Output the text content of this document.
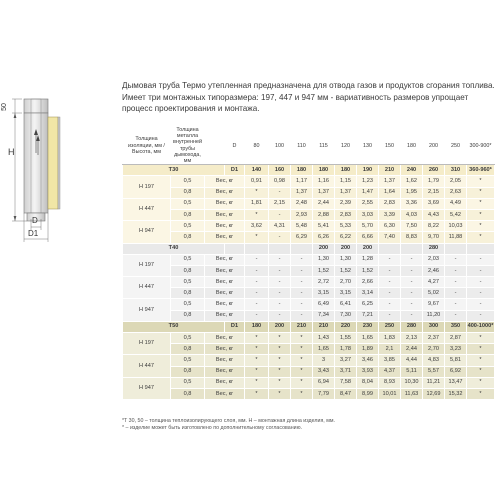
50
H
D
D1
Дымовая труба Термо утепленная предназначена для отвода газов и продуктов сгорания топлива. Имеет три монтажных типоразмера: 197, 447 и 947 мм - вариативность размеров упрощает процесс проектирования и монтажа.
Толщина изоляции, мм / Высота, мм	Толщина металла внутренней трубы дымохода, мм		D	80	100	110	115	120	130	150	180	200	250	300-900*
T30			D1	140	160	180	180	180	190	210	240	260	310	360-960*
H 197	0,5	Вес, кг		0,91	0,98	1,17	1,16	1,15	1,23	1,37	1,62	1,79	2,05	*
	0,8	Вес, кг		*	-	1,37	1,37	1,37	1,47	1,64	1,95	2,15	2,63	*
H 447	0,5	Вес, кг		1,81	2,15	2,48	2,44	2,39	2,55	2,83	3,36	3,69	4,49	*
	0,8	Вес, кг		*	-	2,93	2,88	2,83	3,03	3,39	4,03	4,43	5,42	*
H 947	0,5	Вес, кг		3,62	4,31	5,48	5,41	5,33	5,70	6,30	7,50	8,22	10,03	*
	0,8	Вес, кг		*	-	6,29	6,26	6,22	6,66	7,40	8,83	9,70	11,88	*
T40							200	200	200			280		
H 197	0,5	Вес, кг		-	-	-	1,30	1,30	1,28	-	-	2,03	-	-
	0,8	Вес, кг		-	-	-	1,52	1,52	1,52	-	-	2,46	-	-
H 447	0,5	Вес, кг		-	-	-	2,72	2,70	2,66	-	-	4,27	-	-
	0,8	Вес, кг		-	-	-	3,15	3,15	3,14	-	-	5,02	-	-
H 947	0,5	Вес, кг		-	-	-	6,49	6,41	6,25	-	-	9,67	-	-
	0,8	Вес, кг		-	-	-	7,34	7,30	7,21	-	-	11,20	-	-
T50			D1	180	200	210	210	220	230	250	280	300	350	400-1000*
H 197	0,5	Вес, кг		*	*	*	1,43	1,55	1,65	1,83	2,13	2,37	2,87	*
	0,8	Вес, кг		*	*	*	1,65	1,78	1,89	2,1	2,44	2,70	3,23	*
H 447	0,5	Вес, кг		*	*	*	3	3,27	3,46	3,85	4,44	4,83	5,81	*
	0,8	Вес, кг		*	*	*	3,43	3,71	3,93	4,37	5,11	5,57	6,92	*
H 947	0,5	Вес, кг		*	*	*	6,94	7,58	8,04	8,93	10,30	11,21	13,47	*
	0,8	Вес, кг		*	*	*	7,79	8,47	8,99	10,01	11,63	12,69	15,32	*
*T 30, 50 – толщина теплоизолирующего слоя, мм. H – монтажная длина изделия, мм.
* – изделие может быть изготовлено по дополнительному согласованию.
